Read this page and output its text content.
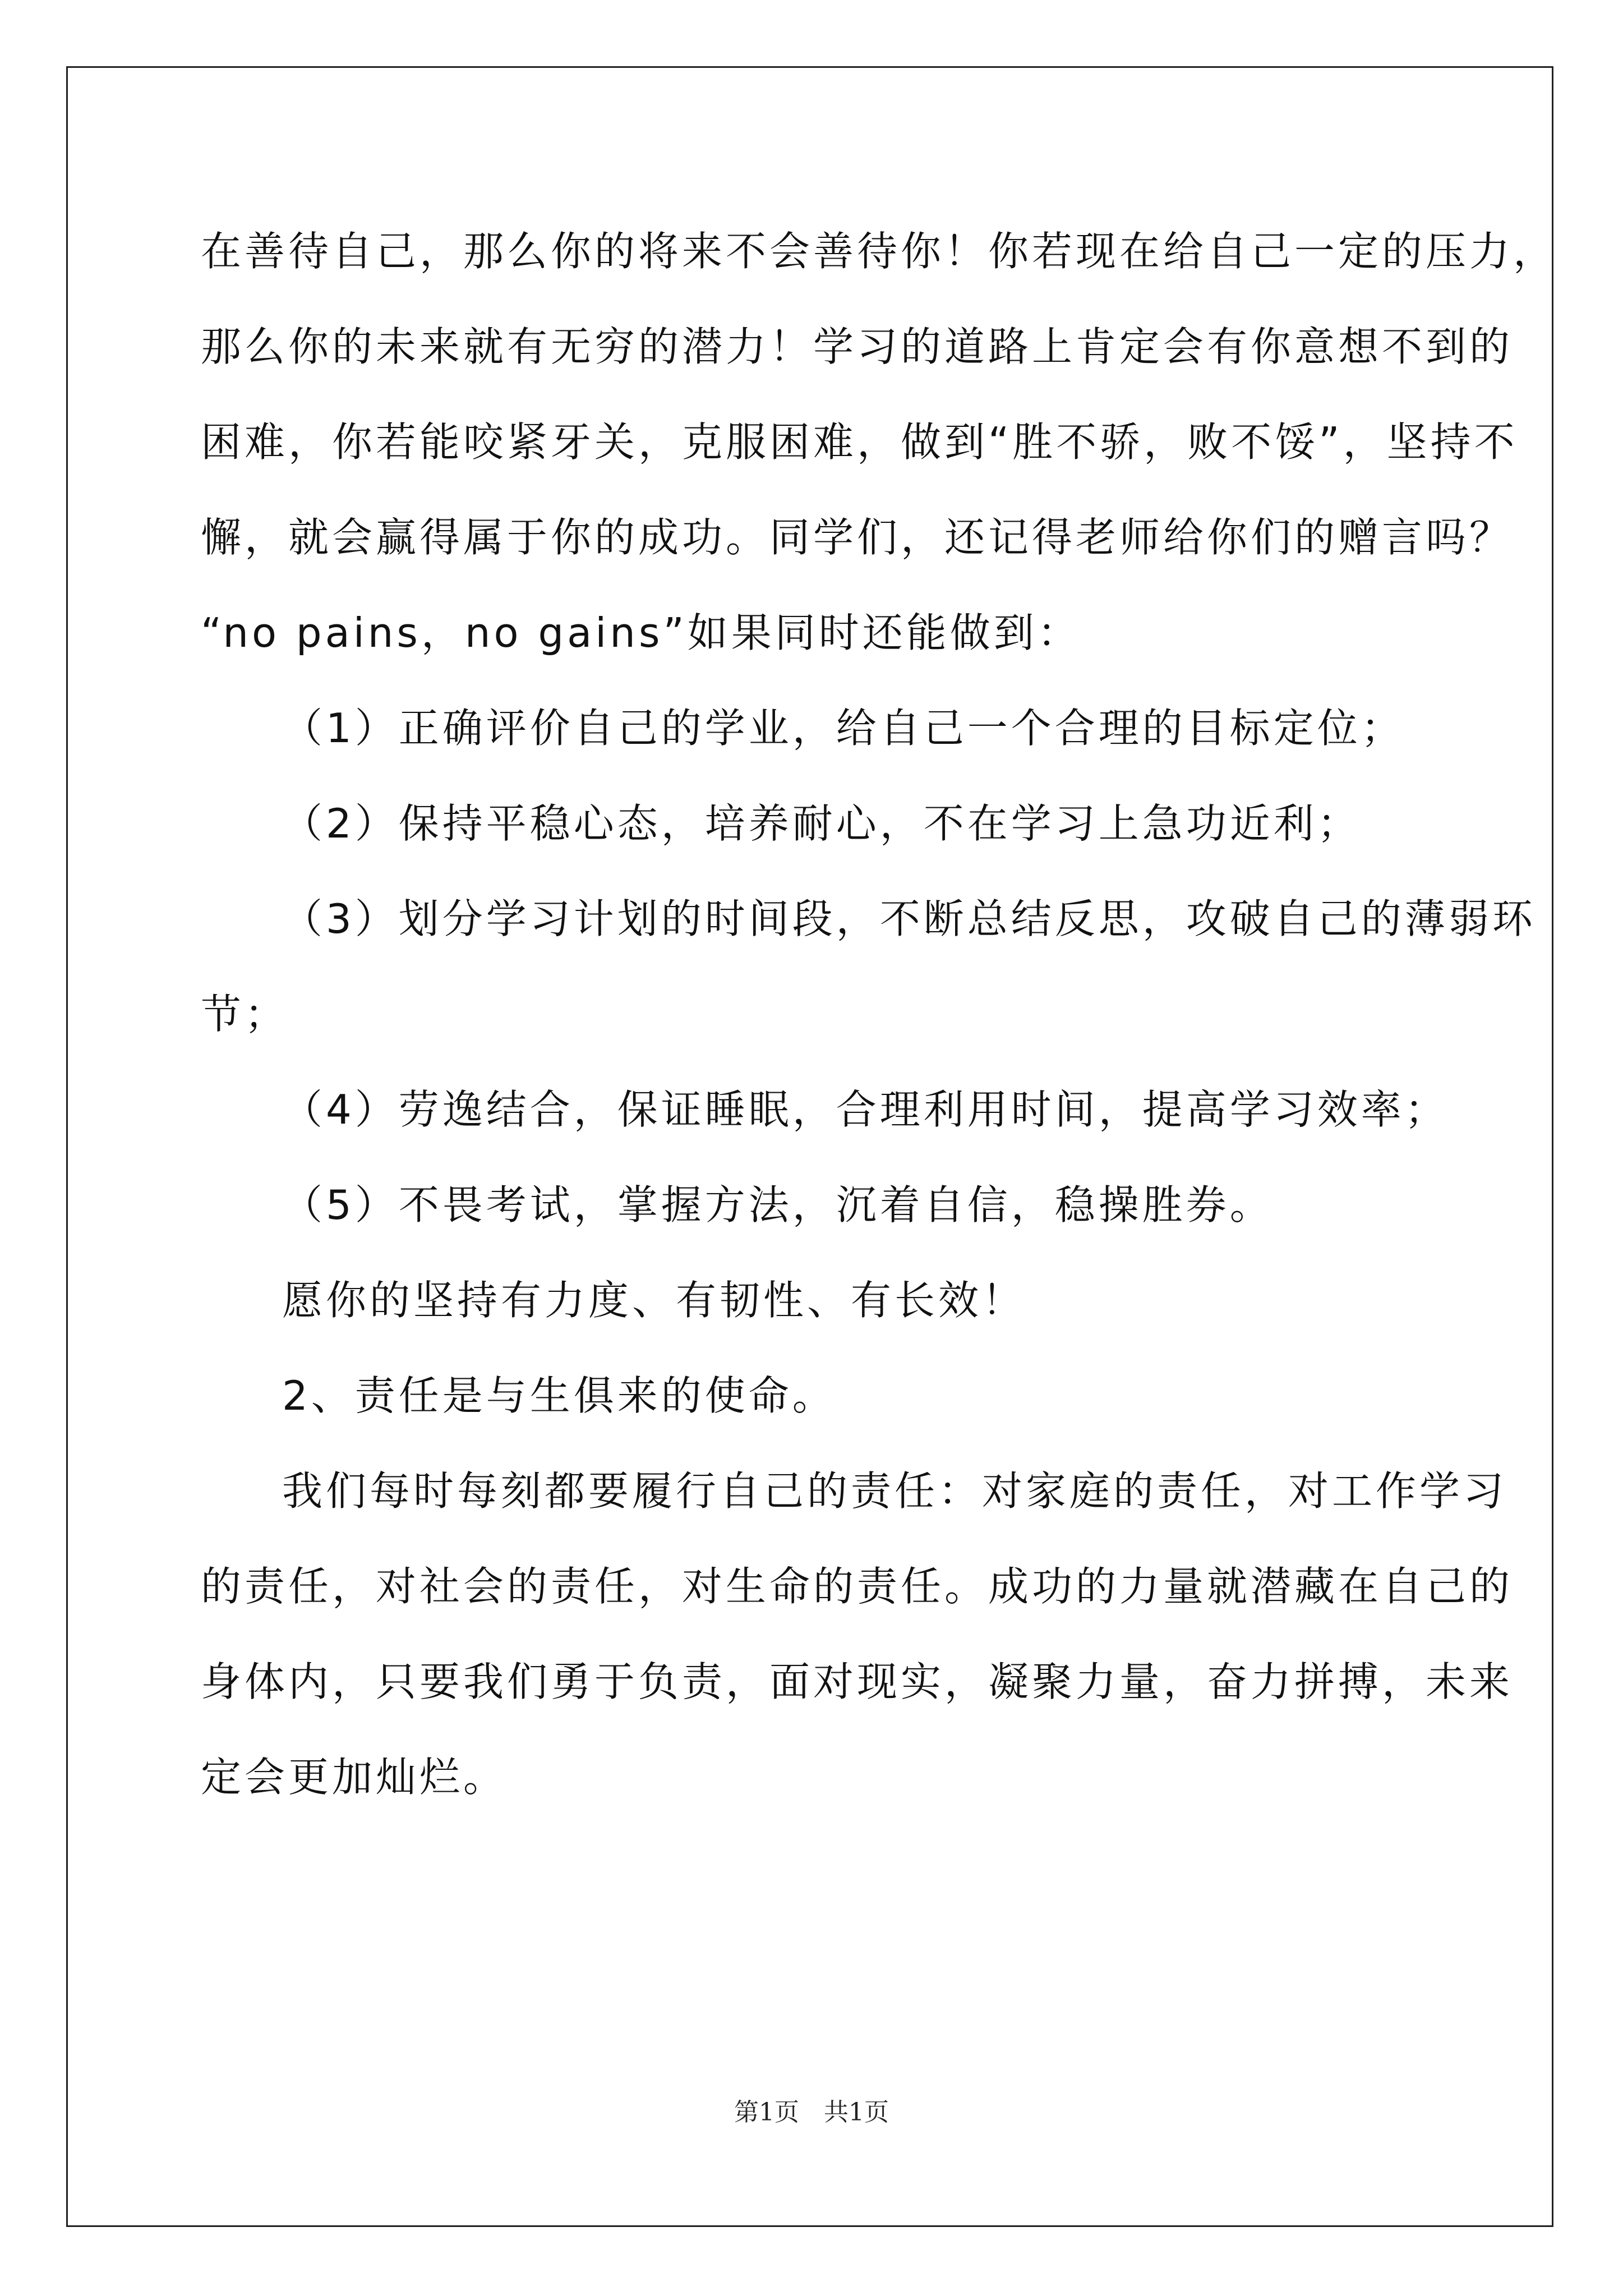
在善待自己，那么你的将来不会善待你！你若现在给自己一定的压力，
那么你的未来就有无穷的潜力！学习的道路上肯定会有你意想不到的
困难，你若能咬紧牙关，克服困难，做到“胜不骄，败不馁”，坚持不
懈，就会赢得属于你的成功。同学们，还记得老师给你们的赠言吗？
“no pains，no gains”如果同时还能做到：
（1）正确评价自己的学业，给自己一个合理的目标定位；
（2）保持平稳心态，培养耐心，不在学习上急功近利；
（3）划分学习计划的时间段，不断总结反思，攻破自己的薄弱环
节；
（4）劳逸结合，保证睡眠，合理利用时间，提高学习效率；
（5）不畏考试，掌握方法，沉着自信，稳操胜券。
愿你的坚持有力度、有韧性、有长效！
2、责任是与生俱来的使命。
我们每时每刻都要履行自己的责任：对家庭的责任，对工作学习
的责任，对社会的责任，对生命的责任。成功的力量就潜藏在自己的
身体内，只要我们勇于负责，面对现实，凝聚力量，奋力拼搏，未来
定会更加灿烂。
第1页　共1页
